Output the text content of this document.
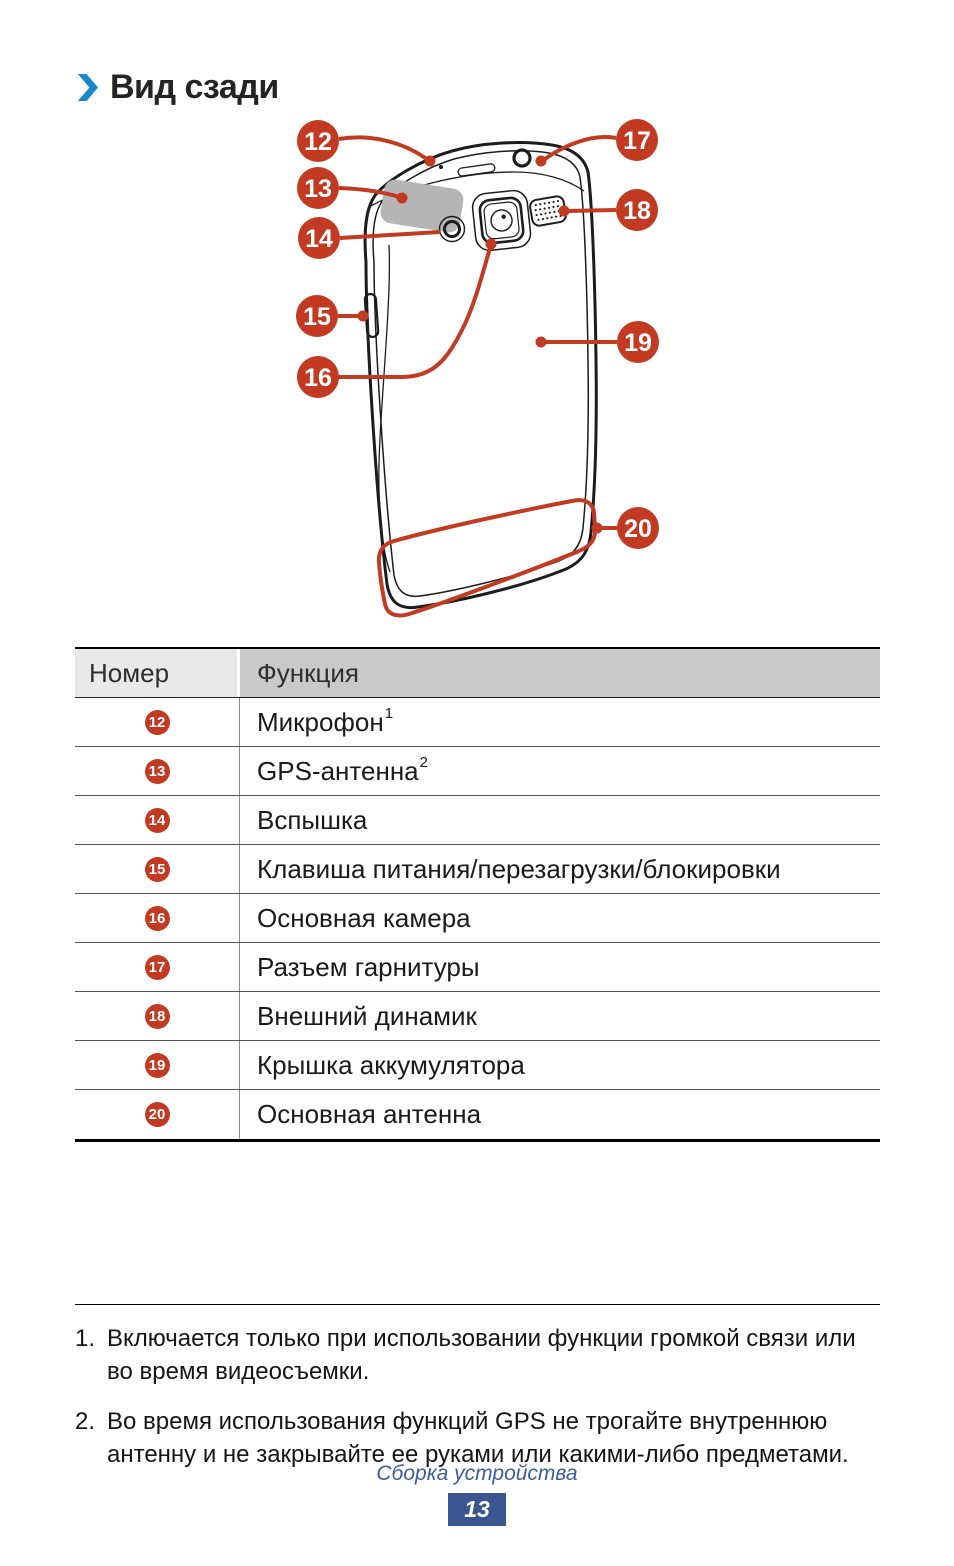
Вид сзади
12
13
14
15
16
17
18
19
20
Номер	Функция
12	Микрофон$^1$
13	GPS-антенна$^2$
14	Вспышка
15	Клавиша питания/перезагрузки/блокировки
16	Основная камера
17	Разъем гарнитуры
18	Внешний динамик
19	Крышка аккумулятора
20	Основная антенна
1. Включается только при использовании функции громкой связи или
во время видеосъемки.
2. Во время использования функций GPS не трогайте внутреннюю
антенну и не закрывайте ее руками или какими-либо предметами.
Сборка устройства
13
